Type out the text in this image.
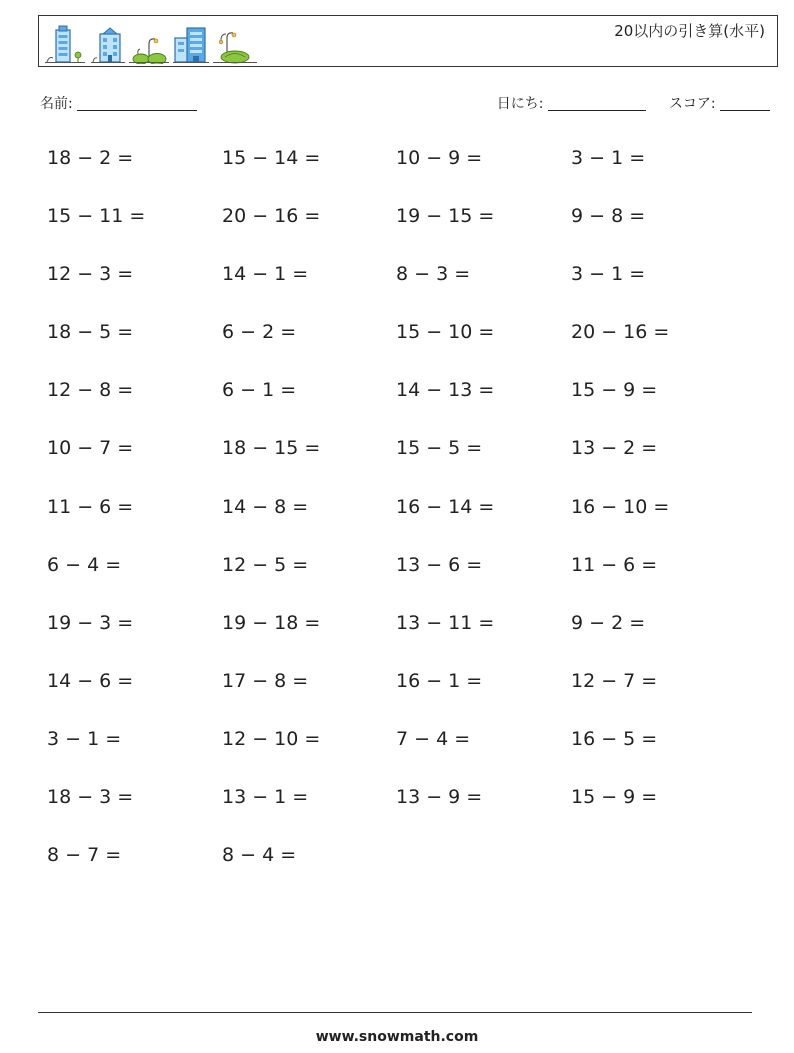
20以内の引き算(水平)
名前:	日にち:	スコア:
18 − 2 =	15 − 14 =	10 − 9 =	3 − 1 =
15 − 11 =	20 − 16 =	19 − 15 =	9 − 8 =
12 − 3 =	14 − 1 =	8 − 3 =	3 − 1 =
18 − 5 =	6 − 2 =	15 − 10 =	20 − 16 =
12 − 8 =	6 − 1 =	14 − 13 =	15 − 9 =
10 − 7 =	18 − 15 =	15 − 5 =	13 − 2 =
11 − 6 =	14 − 8 =	16 − 14 =	16 − 10 =
6 − 4 =	12 − 5 =	13 − 6 =	11 − 6 =
19 − 3 =	19 − 18 =	13 − 11 =	9 − 2 =
14 − 6 =	17 − 8 =	16 − 1 =	12 − 7 =
3 − 1 =	12 − 10 =	7 − 4 =	16 − 5 =
18 − 3 =	13 − 1 =	13 − 9 =	15 − 9 =
8 − 7 =	8 − 4 =
www.snowmath.com
